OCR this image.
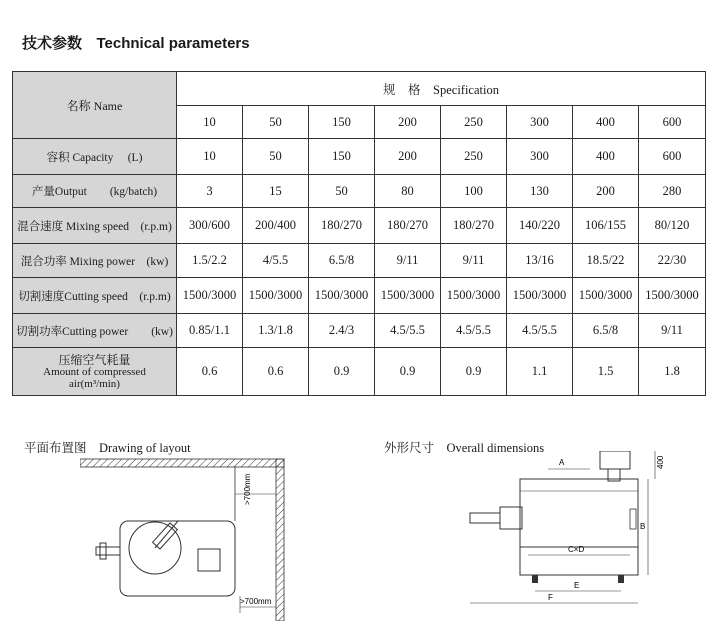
技术参数 Technical parameters
名称 Name	规　格　Specification							
	10	50	150	200	250	300	400	600
容积 Capacity　 (L)	10	50	150	200	250	300	400	600
产量Output　　(kg/batch)	3	15	50	80	100	130	200	280
混合速度 Mixing speed　(r.p.m)	300/600	200/400	180/270	180/270	180/270	140/220	106/155	80/120
混合功率 Mixing power　(kw)	1.5/2.2	4/5.5	6.5/8	9/11	9/11	13/16	18.5/22	22/30
切割速度Cutting speed　(r.p.m)	1500/3000	1500/3000	1500/3000	1500/3000	1500/3000	1500/3000	1500/3000	1500/3000
切割功率Cutting power　　(kw)	0.85/1.1	1.3/1.8	2.4/3	4.5/5.5	4.5/5.5	4.5/5.5	6.5/8	9/11

压缩空气耗量
Amount of compressed
air(m³/min)	0.6	0.6	0.9	0.9	0.9	1.1	1.5	1.8
平面布置图　Drawing of layout	外形尺寸　Overall dimensions
>700mm
>700mm
A	400
B
C×D
E
F
